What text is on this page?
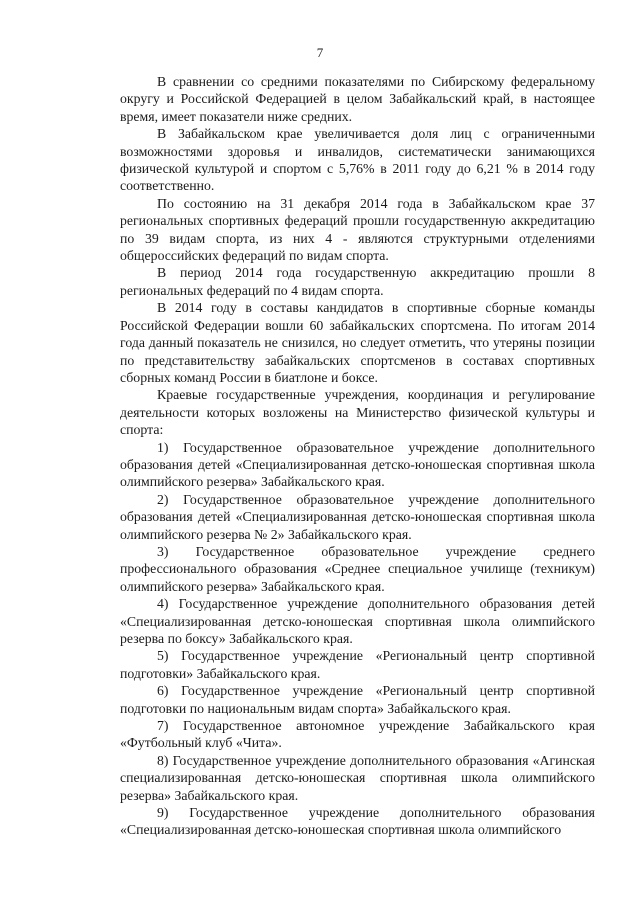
7

В сравнении со средними показателями по Сибирскому федеральному округу и Российской Федерацией в целом Забайкальский край, в настоящее время, имеет показатели ниже средних.

В Забайкальском крае увеличивается доля лиц с ограниченными возможностями здоровья и инвалидов, систематически занимающихся физической культурой и спортом с 5,76% в 2011 году до 6,21 % в 2014 году соответственно.

По состоянию на 31 декабря 2014 года в Забайкальском крае 37 региональных спортивных федераций прошли государственную аккредитацию по 39 видам спорта, из них 4 - являются структурными отделениями общероссийских федераций по видам спорта.

В период 2014 года государственную аккредитацию прошли 8 региональных федераций по 4 видам спорта.

В 2014 году в составы кандидатов в спортивные сборные команды Российской Федерации вошли 60 забайкальских спортсмена. По итогам 2014 года данный показатель не снизился, но следует отметить, что утеряны позиции по представительству забайкальских спортсменов в составах спортивных сборных команд России в биатлоне и боксе.

Краевые государственные учреждения, координация и регулирование деятельности которых возложены на Министерство физической культуры и спорта:

1) Государственное образовательное учреждение дополнительного образования детей «Специализированная детско-юношеская спортивная школа олимпийского резерва» Забайкальского края.

2) Государственное образовательное учреждение дополнительного образования детей «Специализированная детско-юношеская спортивная школа олимпийского резерва № 2» Забайкальского края.

3) Государственное образовательное учреждение среднего профессионального образования «Среднее специальное училище (техникум) олимпийского резерва» Забайкальского края.

4) Государственное учреждение дополнительного образования детей «Специализированная детско-юношеская спортивная школа олимпийского резерва по боксу» Забайкальского края.

5) Государственное учреждение «Региональный центр спортивной подготовки» Забайкальского края.

6) Государственное учреждение «Региональный центр спортивной подготовки по национальным видам спорта» Забайкальского края.

7) Государственное автономное учреждение Забайкальского края «Футбольный клуб «Чита».

8) Государственное учреждение дополнительного образования «Агинская специализированная детско-юношеская спортивная школа олимпийского резерва» Забайкальского края.

9) Государственное учреждение дополнительного образования «Специализированная детско-юношеская спортивная школа олимпийского
